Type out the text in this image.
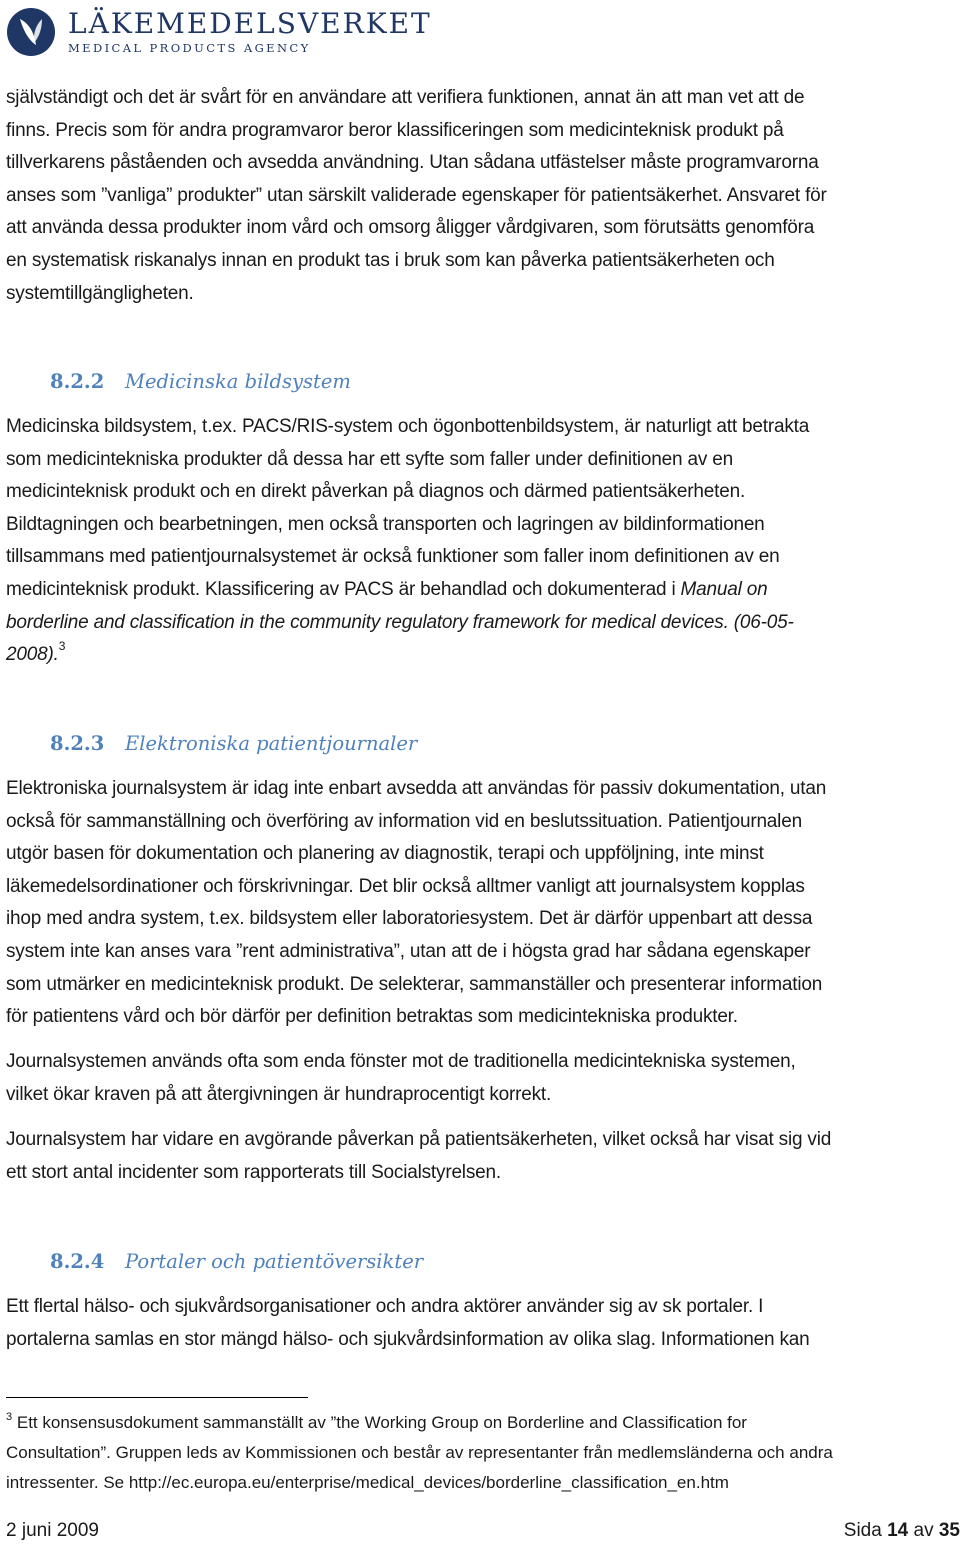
LÄKEMEDELSVERKET
MEDICAL PRODUCTS AGENCY

självständigt och det är svårt för en användare att verifiera funktionen, annat än att man vet att de
finns. Precis som för andra programvaror beror klassificeringen som medicinteknisk produkt på
tillverkarens påståenden och avsedda användning. Utan sådana utfästelser måste programvarorna
anses som ”vanliga” produkter” utan särskilt validerade egenskaper för patientsäkerhet. Ansvaret för
att använda dessa produkter inom vård och omsorg åligger vårdgivaren, som förutsätts genomföra
en systematisk riskanalys innan en produkt tas i bruk som kan påverka patientsäkerheten och
systemtillgängligheten.

8.2.2 Medicinska bildsystem

Medicinska bildsystem, t.ex. PACS/RIS-system och ögonbottenbildsystem, är naturligt att betrakta
som medicintekniska produkter då dessa har ett syfte som faller under definitionen av en
medicinteknisk produkt och en direkt påverkan på diagnos och därmed patientsäkerheten.
Bildtagningen och bearbetningen, men också transporten och lagringen av bildinformationen
tillsammans med patientjournalsystemet är också funktioner som faller inom definitionen av en
medicinteknisk produkt. Klassificering av PACS är behandlad och dokumenterad i Manual on
borderline and classification in the community regulatory framework for medical devices. (06-05-
2008).$^3$

8.2.3 Elektroniska patientjournaler

Elektroniska journalsystem är idag inte enbart avsedda att användas för passiv dokumentation, utan
också för sammanställning och överföring av information vid en beslutssituation. Patientjournalen
utgör basen för dokumentation och planering av diagnostik, terapi och uppföljning, inte minst
läkemedelsordinationer och förskrivningar. Det blir också alltmer vanligt att journalsystem kopplas
ihop med andra system, t.ex. bildsystem eller laboratoriesystem. Det är därför uppenbart att dessa
system inte kan anses vara ”rent administrativa”, utan att de i högsta grad har sådana egenskaper
som utmärker en medicinteknisk produkt. De selekterar, sammanställer och presenterar information
för patientens vård och bör därför per definition betraktas som medicintekniska produkter.

Journalsystemen används ofta som enda fönster mot de traditionella medicintekniska systemen,
vilket ökar kraven på att återgivningen är hundraprocentigt korrekt.

Journalsystem har vidare en avgörande påverkan på patientsäkerheten, vilket också har visat sig vid
ett stort antal incidenter som rapporterats till Socialstyrelsen.

8.2.4 Portaler och patientöversikter

Ett flertal hälso- och sjukvårdsorganisationer och andra aktörer använder sig av sk portaler. I
portalerna samlas en stor mängd hälso- och sjukvårdsinformation av olika slag. Informationen kan

$^3$ Ett konsensusdokument sammanställt av ”the Working Group on Borderline and Classification for
Consultation”. Gruppen leds av Kommissionen och består av representanter från medlemsländerna och andra
intressenter. Se http://ec.europa.eu/enterprise/medical_devices/borderline_classification_en.htm

2 juni 2009	Sida 14 av 35
